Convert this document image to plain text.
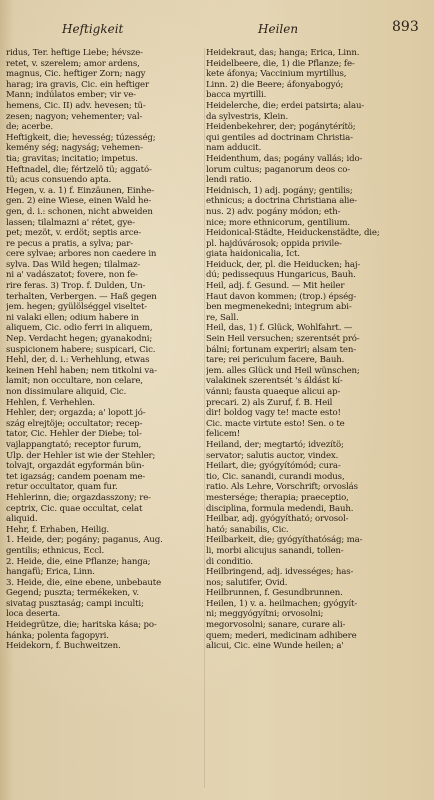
Heftigkeit	Heilen	893
ridus, Ter. heftige Liebe; hévsze-
retet, v. szerelem; amor ardens,
magnus, Cic. heftiger Zorn; nagy
harag; ira gravis, Cic. ein heftiger
Mann; indúlatos ember; vir ve-
hemens, Cic. II) adv. hevesen; tü-
zesen; nagyon; vehementer; val-
de; acerbe.
Heftigkeit, die; hevesség; túzesség;
kemény ség; nagyság; vehemen-
tia; gravitas; incitatio; impetus.
Heftnadel, die; fértzelö tü; aggató-
tü; acus consuendo apta.
Hegen, v. a. 1) f. Einzäunen, Einhe-
gen. 2) eine Wiese, einen Wald he-
gen, d. i.: schonen, nicht abweiden
lassen; tilalmazni a' rétet, gye-
pet; mezöt, v. erdöt; septis arce-
re pecus a pratis, a sylva; par-
cere sylvae; arbores non caedere in
sylva. Das Wild hegen; tilalmaz-
ni a' vadászatot; fovere, non fe-
rire feras. 3) Trop. f. Dulden, Un-
terhalten, Verbergen. — Haß gegen
jem. hegen; gyülölséggel viseltet-
ni valaki ellen; odium habere in
aliquem, Cic. odio ferri in aliquem,
Nep. Verdacht hegen; gyanakodni;
suspicionem habere; suspicari, Cic.
Hehl, der, d. i.: Verhehlung, etwas
keinen Hehl haben; nem titkolni va-
lamit; non occultare, non celare,
non dissimulare aliquid, Cic.
Hehlen, f. Verhehlen.
Hehler, der; orgazda; a' lopott jó-
szág elrejtöje; occultator; recep-
tator, Cic. Hehler der Diebe; tol-
vajlappangtató; receptor furum,
Ulp. der Hehler ist wie der Stehler;
tolvajt, orgazdát egyformán bün-
tet igazság; candem poenam me-
retur occultator, quam fur.
Hehlerinn, die; orgazdasszony; re-
ceptrix, Cic. quae occultat, celat
aliquid.
Hehr, f. Erhaben, Heilig.
1. Heide, der; pogány; paganus, Aug.
gentilis; ethnicus, Eccl.
2. Heide, die, eine Pflanze; hanga;
hangafü; Erica, Linn.
3. Heide, die, eine ebene, unbebaute
Gegend; puszta; termékeken, v.
sivatag pusztaság; campi inculti;
loca deserta.
Heidegrütze, die; haritska kása; po-
hánka; polenta fagopyri.
Heidekorn, f. Buchweitzen.
Heidekraut, das; hanga; Erica, Linn.
Heidelbeere, die, 1) die Pflanze; fe-
kete áfonya; Vaccinium myrtillus,
Linn. 2) die Beere; áfonyabogyó;
bacca myrtilli.
Heidelerche, die; erdei patsirta; alau-
da sylvestris, Klein.
Heidenbekehrer, der; pogánytérítö;
qui gentiles ad doctrinam Christia-
nam adducit.
Heidenthum, das; pogány vallás; ido-
lorum cultus; paganorum deos co-
lendi ratio.
Heidnisch, 1) adj. pogány; gentilis;
ethnicus; a doctrina Christiana alie-
nus. 2) adv. pogány módon; eth-
nice; more ethnicorum, gentilium.
Heidonical-Städte, Heiduckenstädte, die;
pl. hajdúvárosok; oppida privile-
giata haidonicalia, Ict.
Heiduck, der, pl. die Heiducken; haj-
dú; pedissequus Hungaricus, Bauh.
Heil, adj. f. Gesund. — Mit heiler
Haut davon kommen; (trop.) épség-
ben megmenekedni; integrum abi-
re, Sall.
Heil, das, 1) f. Glück, Wohlfahrt. —
Sein Heil versuchen; szerentsét pró-
bálni; fortunam experiri; alsam ten-
tare; rei periculum facere, Bauh.
jem. alles Glück und Heil wünschen;
valakinek szerentsét 's áldást kí-
vánni; fausta quaeque alicui ap-
precari. 2) als Zuruf, f. B. Heil
dir! boldog vagy te! macte esto!
Cic. macte virtute esto! Sen. o te
felicem!
Heiland, der; megtartó; idvezítö;
servator; salutis auctor, vindex.
Heilart, die; gyógyítómód; cura-
tio, Cic. sanandi, curandi modus,
ratio. Als Lehre, Vorschrift; orvoslás
mestersége; therapia; praeceptio,
disciplina, formula medendi, Bauh.
Heilbar, adj. gyógyítható; orvosol-
ható; sanabilis, Cic.
Heilbarkeit, die; gyógyíthatóság; ma-
li, morbi alicujus sanandi, tollen-
di conditio.
Heilbringend, adj. idvességes; has-
nos; salutifer, Ovid.
Heilbrunnen, f. Gesundbrunnen.
Heilen, 1) v. a. heilmachen; gyógyít-
ni; meggyógyítni; orvosolni;
megorvosolni; sanare, curare ali-
quem; mederi, medicinam adhibere
alicui, Cic. eine Wunde heilen; a'
